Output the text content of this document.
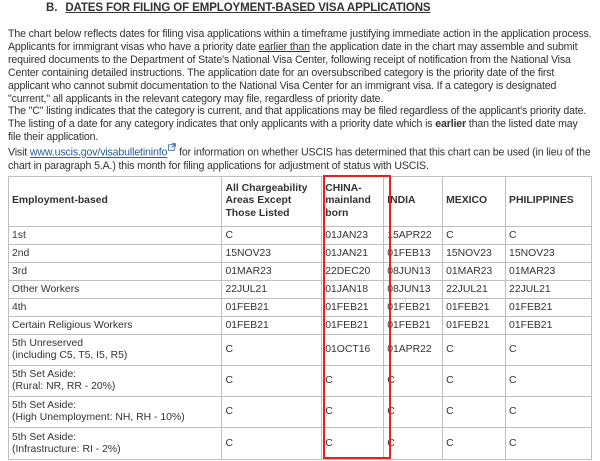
B. DATES FOR FILING OF EMPLOYMENT-BASED VISA APPLICATIONS

The chart below reflects dates for filing visa applications within a timeframe justifying immediate action in the application process. Applicants for immigrant visas who have a priority date earlier than the application date in the chart may assemble and submit required documents to the Department of State's National Visa Center, following receipt of notification from the National Visa Center containing detailed instructions. The application date for an oversubscribed category is the priority date of the first applicant who cannot submit documentation to the National Visa Center for an immigrant visa. If a category is designated "current," all applicants in the relevant category may file, regardless of priority date.

The "C" listing indicates that the category is current, and that applications may be filed regardless of the applicant's priority date. The listing of a date for any category indicates that only applicants with a priority date which is earlier than the listed date may file their application.

Visit www.uscis.gov/visabulletininfo for information on whether USCIS has determined that this chart can be used (in lieu of the chart in paragraph 5.A.) this month for filing applications for adjustment of status with USCIS.

Employment-based	All Chargeability Areas Except Those Listed	CHINA-mainland born	INDIA	MEXICO	PHILIPPINES
1st	C	01JAN23	15APR22	C	C
2nd	15NOV23	01JAN21	01FEB13	15NOV23	15NOV23
3rd	01MAR23	22DEC20	08JUN13	01MAR23	01MAR23
Other Workers	22JUL21	01JAN18	08JUN13	22JUL21	22JUL21
4th	01FEB21	01FEB21	01FEB21	01FEB21	01FEB21
Certain Religious Workers	01FEB21	01FEB21	01FEB21	01FEB21	01FEB21
5th Unreserved
(including C5, T5, I5, R5)	C	01OCT16	01APR22	C	C
5th Set Aside:
(Rural: NR, RR - 20%)	C	C	C	C	C
5th Set Aside:
(High Unemployment: NH, RH - 10%)	C	C	C	C	C
5th Set Aside:
(Infrastructure: RI - 2%)	C	C	C	C	C
